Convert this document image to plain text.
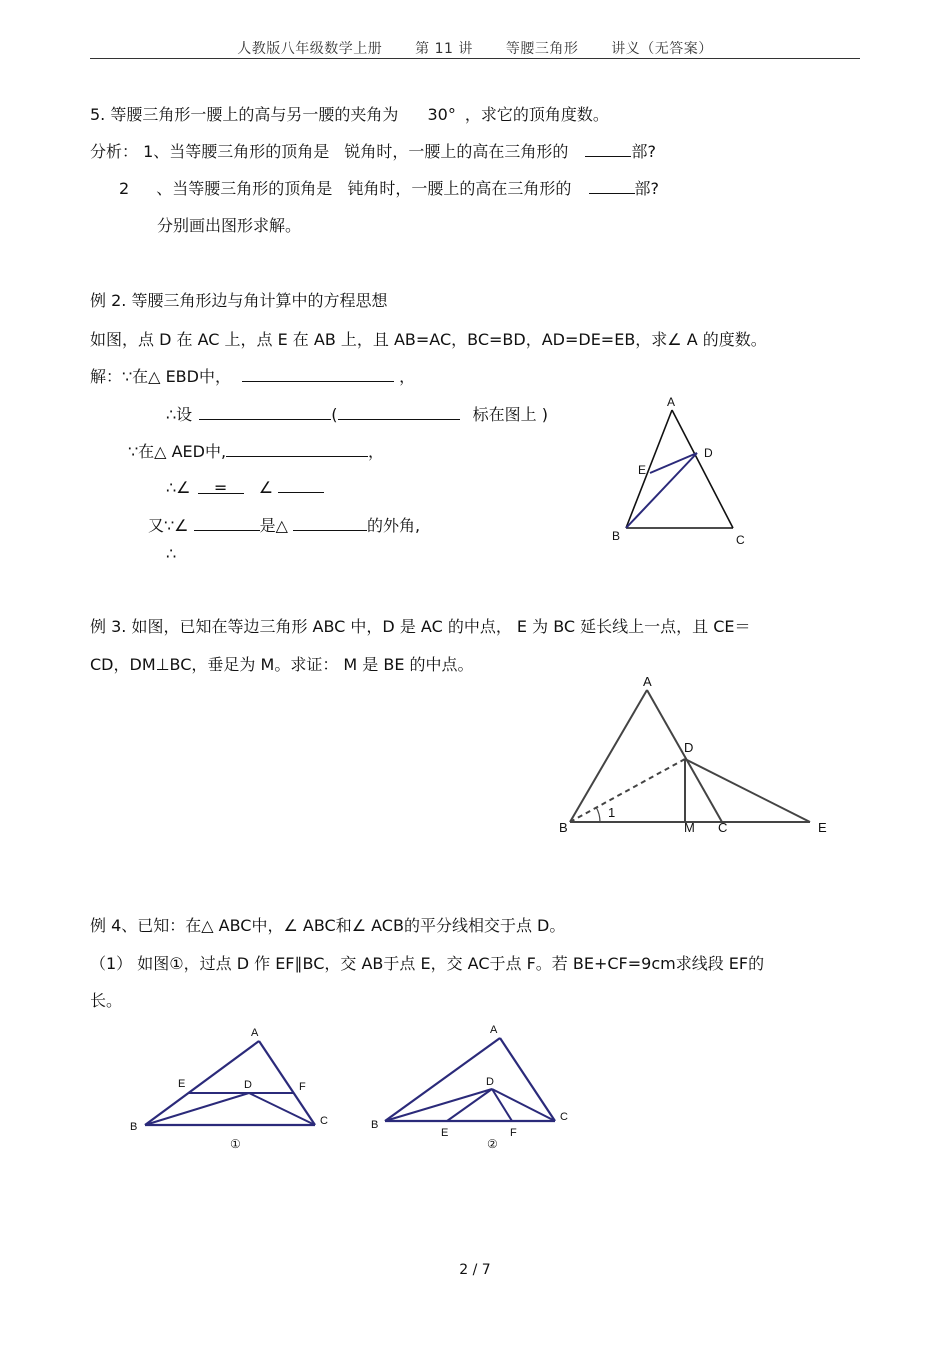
人教版八年级数学上册 第 11 讲 等腰三角形 讲义（无答案）
5. 等腰三角形一腰上的高与另一腰的夹角为 30° ，求它的顶角度数。
分析： 1、当等腰三角形的顶角是 锐角时，一腰上的高在三角形的	部?
2 、当等腰三角形的顶角是 钝角时，一腰上的高在三角形的	部?
分别画出图形求解。
例 2. 等腰三角形边与角计算中的方程思想
如图，点 D 在 AC 上，点 E 在 AB 上，且 AB=AC，BC=BD，AD=DE=EB，求∠ A 的度数。
解：∵在△ EBD中，	，
∴设	(	标在图上 )
∵在△ AED中,	，
∴∠ = ∠
又∵∠	是△	的外角,
∴
A
B	C
D
E
例 3. 如图，已知在等边三角形 ABC 中，D 是 AC 的中点， E 为 BC 延长线上一点，且 CE＝
CD，DM⊥BC，垂足为 M。求证： M 是 BE 的中点。
A
B	C
D
E
M
1
例 4、已知：在△ ABC中，∠ ABC和∠ ACB的平分线相交于点 D。
（1） 如图①，过点 D 作 EF∥BC，交 AB于点 E，交 AC于点 F。若 BE+CF=9cm求线段 EF的
长。
A
B	C
D
E	F
①
A
B
C
D
E	F
②
2 / 7
